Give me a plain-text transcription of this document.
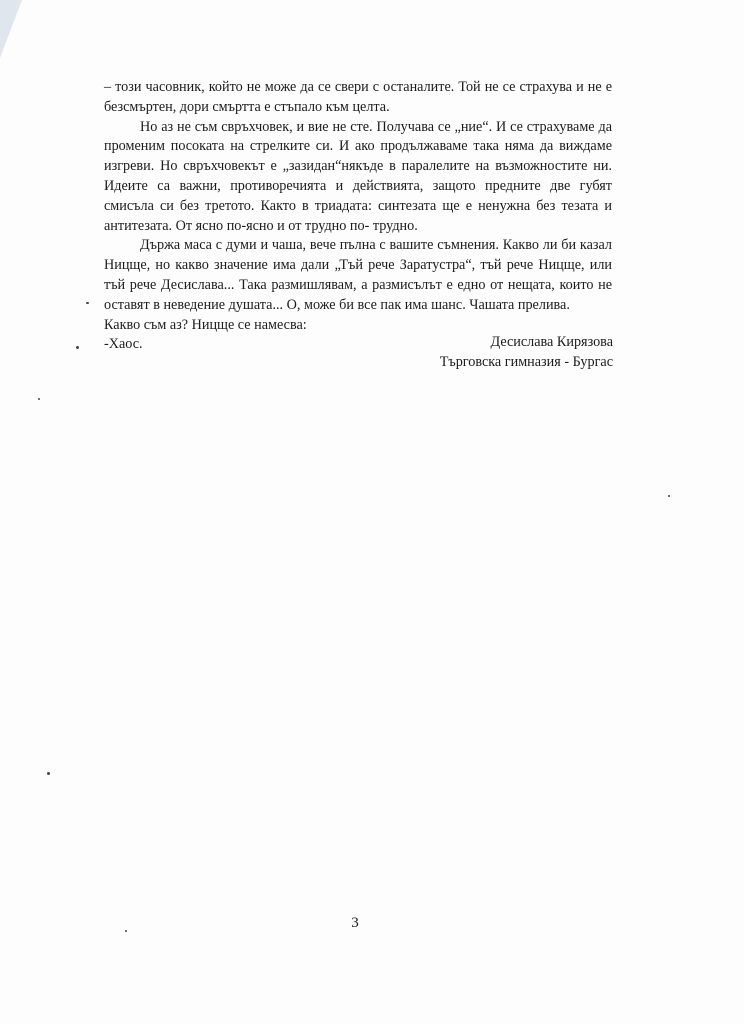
– този часовник, който не може да се свери с останалите. Той не се страхува и не е безсмъртен, дори смъртта е стъпало към целта.

Но аз не съм свръхчовек, и вие не сте. Получава се „ние“. И се страхуваме да променим посоката на стрелките си. И ако продължаваме така няма да виждаме изгреви. Но свръхчовекът е „зазидан“някъде в паралелите на възможностите ни. Идеите са важни, противоречията и действията, защото предните две губят смисъла си без третото. Както в триадата: синтезата ще е ненужна без тезата и антитезата. От ясно по-ясно и от трудно по- трудно.

Държа маса с думи и чаша, вече пълна с вашите съмнения. Какво ли би казал Ницще, но какво значение има дали „Тъй рече Заратустра“, тъй рече Ницще, или тъй рече Десислава... Така размишлявам, а размисълът е едно от нещата, които не оставят в неведение душата... О, може би все пак има шанс. Чашата прелива.

Какво съм аз? Ницще се намесва:

-Хаос.	Десислава Кирязова
Търговска гимназия - Бургас
3
